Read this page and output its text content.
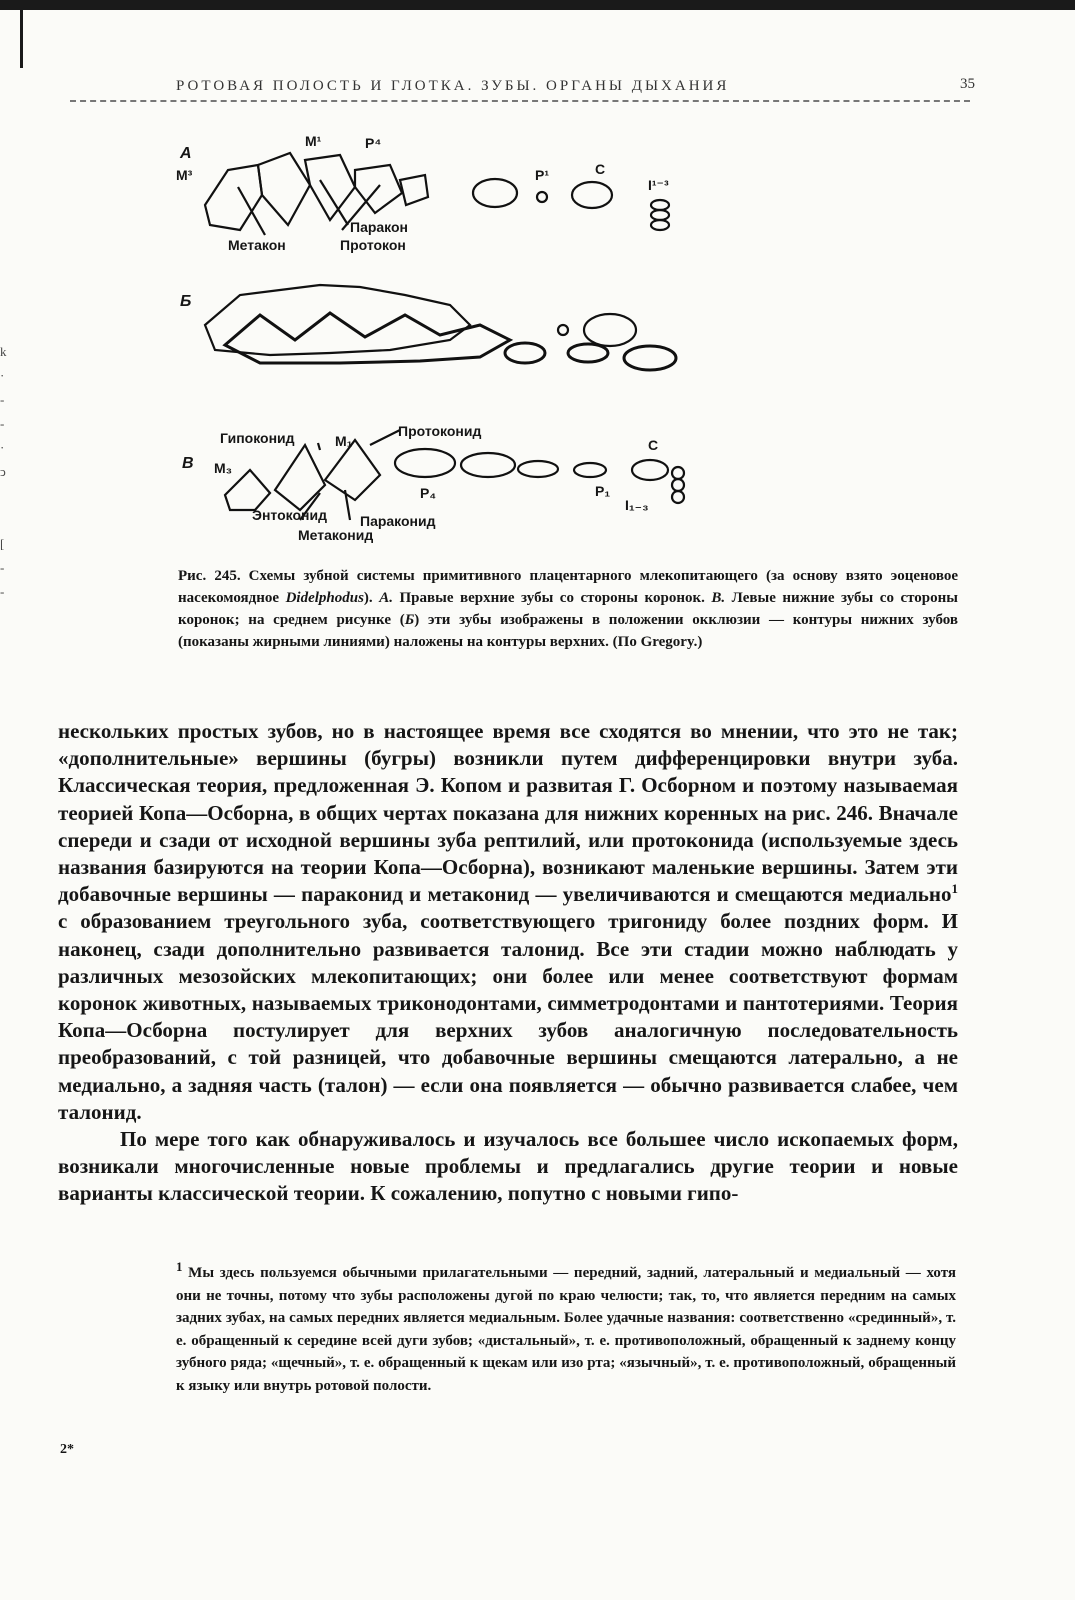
РОТОВАЯ ПОЛОСТЬ И ГЛОТКА. ЗУБЫ. ОРГАНЫ ДЫХАНИЯ	35
А
M³
M¹	P⁴
P¹	C
I¹⁻³
Метакон
Паракон
Протокон
Б
В
Гипоконид	M₁
M₃
Протоконид
C
P₄	P₁
I₁₋₃
Энтоконид Параконид
Метаконид
k
·
-
-
·
ͻ

[
-
-
Рис. 245. Схемы зубной системы примитивного плацентарного млекопитающего (за основу взято эоценовое насекомоядное Didelphodus). А. Правые верхние зубы со стороны коронок. В. Левые нижние зубы со стороны коронок; на среднем рисунке (Б) эти зубы изображены в положении окклюзии — контуры нижних зубов (показаны жирными линиями) наложены на контуры верхних. (По Gregory.)

нескольких простых зубов, но в настоящее время все сходятся во мнении, что это не так; «дополнительные» вершины (бугры) возникли путем дифференцировки внутри зуба. Классическая теория, предложенная Э. Копом и развитая Г. Осборном и поэтому называемая теорией Копа—Осборна, в общих чертах показана для нижних коренных на рис. 246. Вначале спереди и сзади от исходной вершины зуба рептилий, или протоконида (используемые здесь названия базируются на теории Копа—Осборна), возникают маленькие вершины. Затем эти добавочные вершины — параконид и метаконид — увеличиваются и смещаются медиально$^1$ с образованием треугольного зуба, соответствующего тригониду более поздних форм. И наконец, сзади дополнительно развивается талонид. Все эти стадии можно наблюдать у различных мезозойских млекопитающих; они более или менее соответствуют формам коронок животных, называемых триконодонтами, симметродонтами и пантотериями. Теория Копа—Осборна постулирует для верхних зубов аналогичную последовательность преобразований, с той разницей, что добавочные вершины смещаются латерально, а не медиально, а задняя часть (талон) — если она появляется — обычно развивается слабее, чем талонид.

По мере того как обнаруживалось и изучалось все большее число ископаемых форм, возникали многочисленные новые проблемы и предлагались другие теории и новые варианты классической теории. К сожалению, попутно с новыми гипо-

1 Мы здесь пользуемся обычными прилагательными — передний, задний, латеральный и медиальный — хотя они не точны, потому что зубы расположены дугой по краю челюсти; так, то, что является передним на самых задних зубах, на самых передних является медиальным. Более удачные названия: соответственно «срединный», т. е. обращенный к середине всей дуги зубов; «дистальный», т. е. противоположный, обращенный к заднему концу зубного ряда; «щечный», т. е. обращенный к щекам или изо рта; «язычный», т. е. противоположный, обращенный к языку или внутрь ротовой полости.
2*
